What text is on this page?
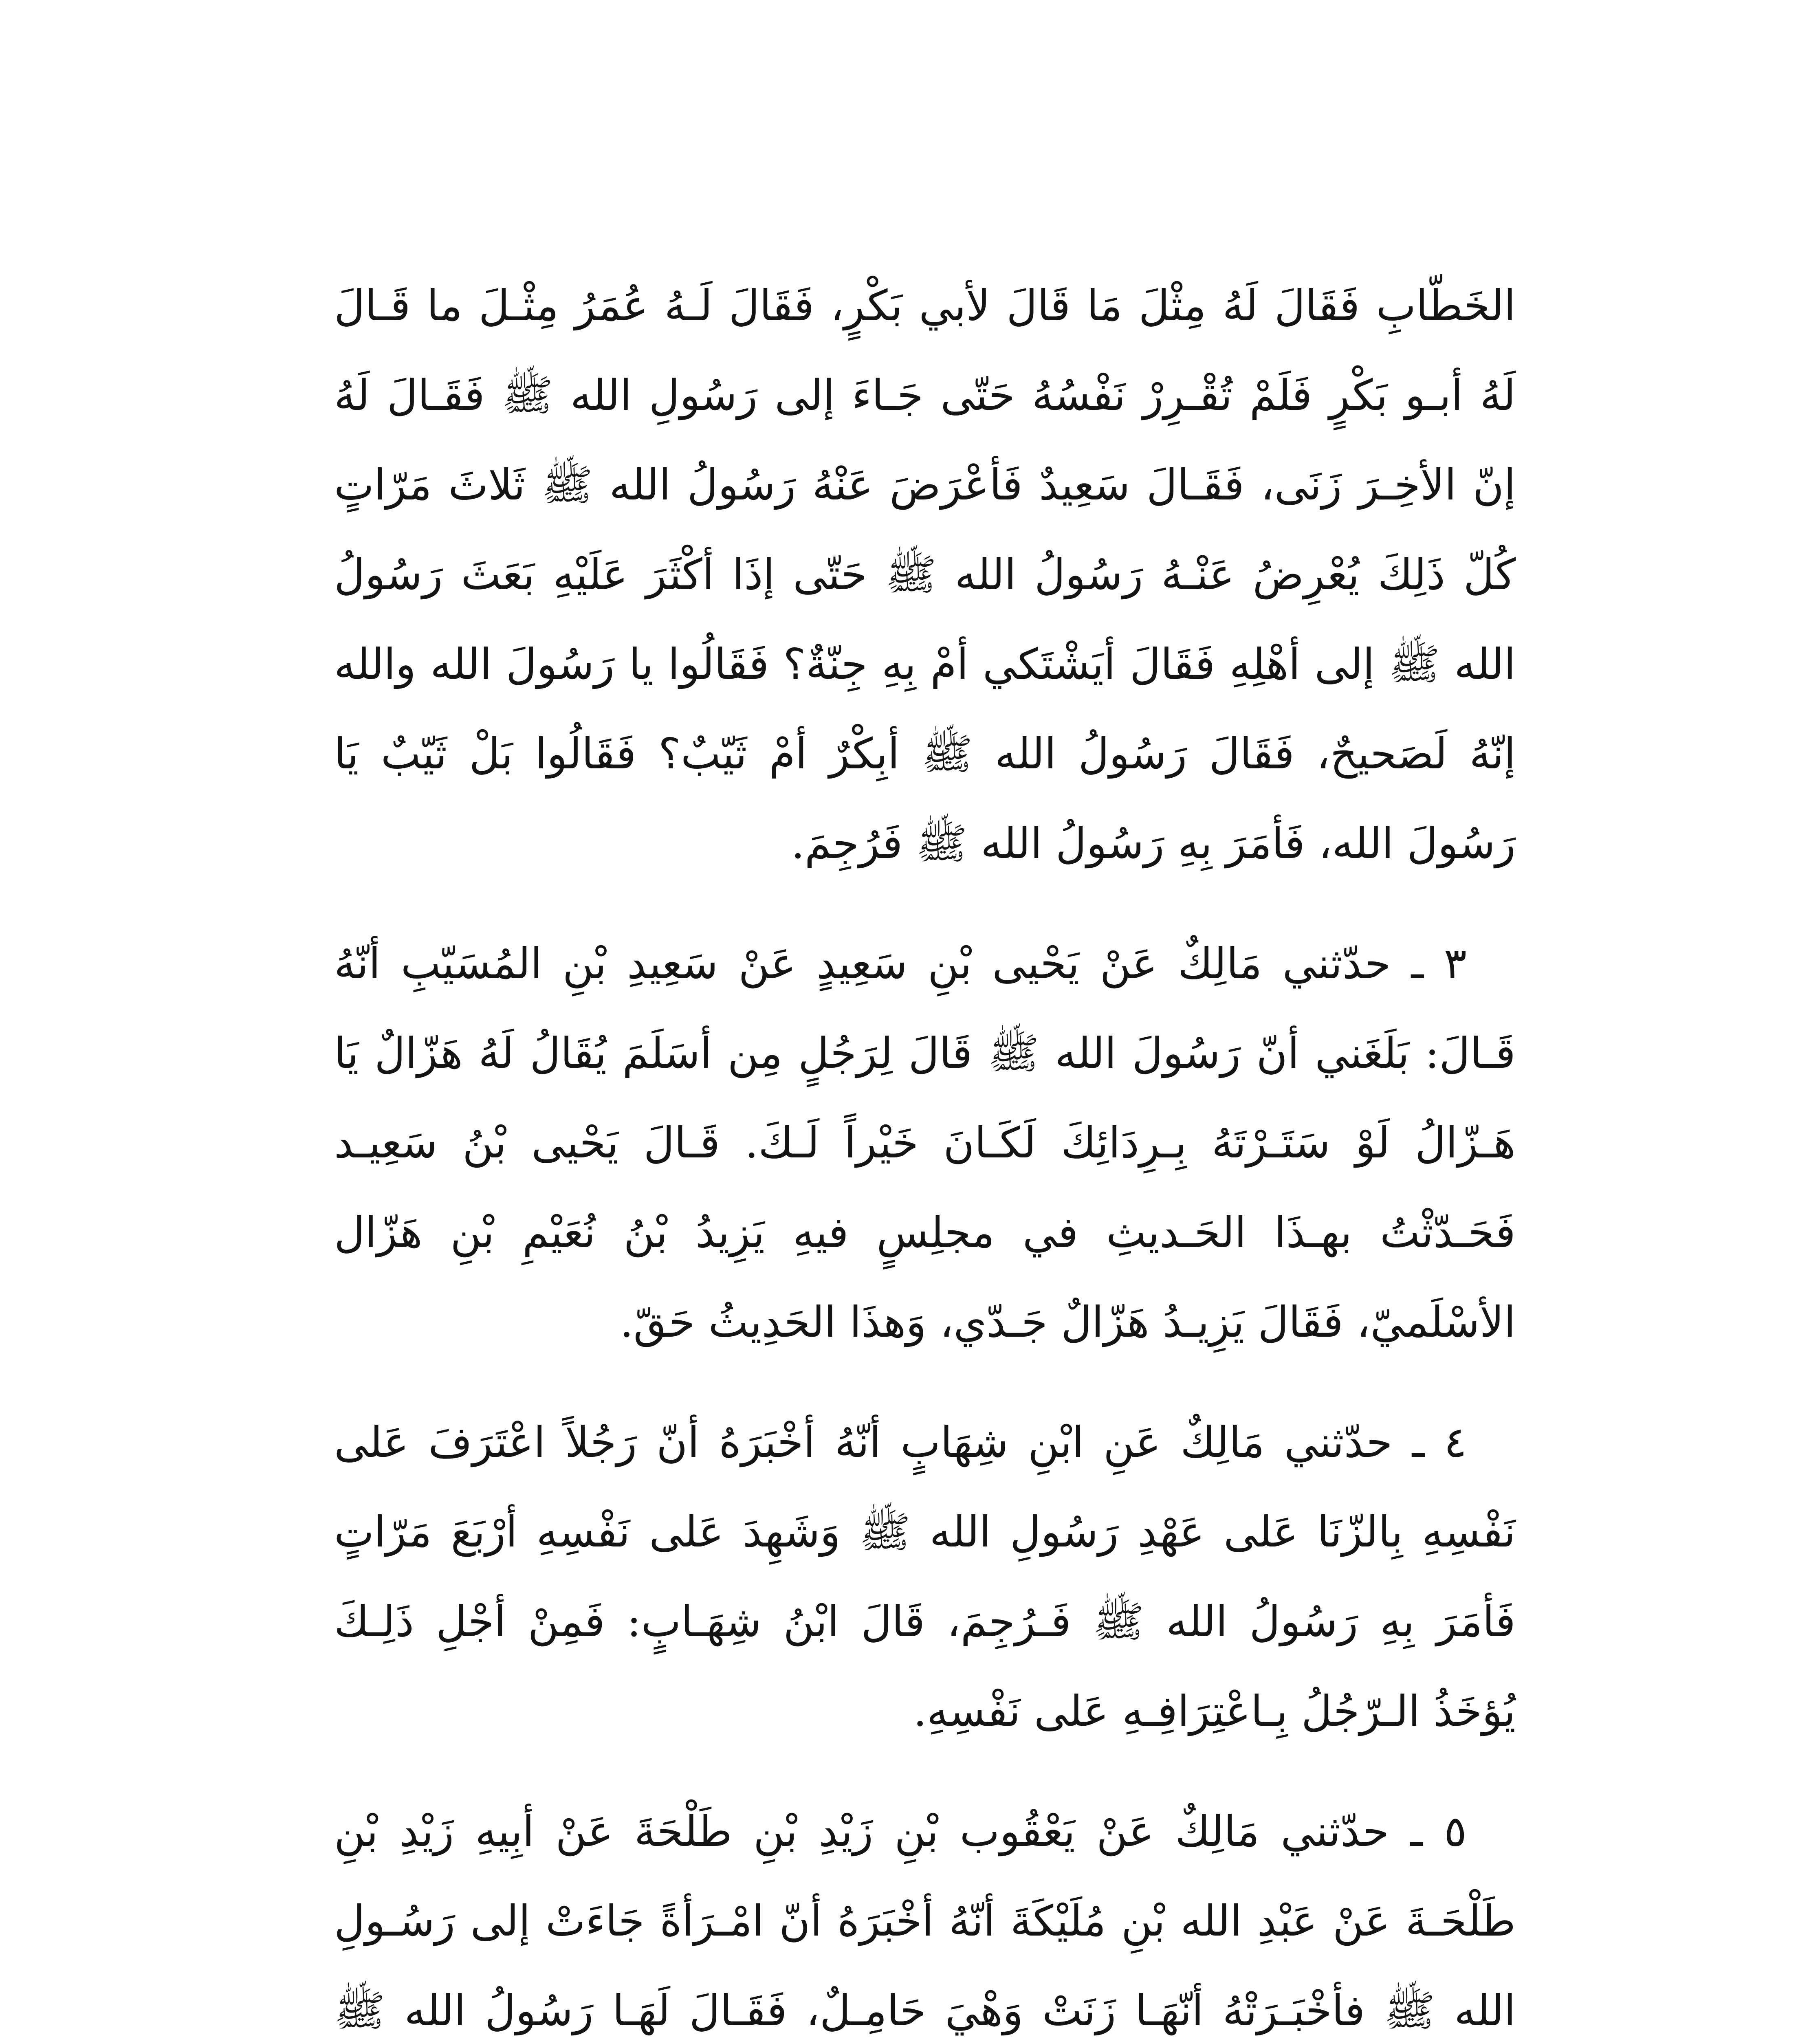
الخَطّابِ فَقَالَ لَهُ مِثْلَ مَا قَالَ لأبي بَكْرٍ، فَقَالَ لَـهُ عُمَرُ مِثْـلَ ما قَـالَ لَهُ أبـو بَكْرٍ فَلَمْ تُقْـرِرْ نَفْسُهُ حَتّى جَـاءَ إلى رَسُولِ الله ﷺ فَقَـالَ لَهُ إنّ الأخِـرَ زَنَى، فَقَـالَ سَعِيدٌ فَأعْرَضَ عَنْهُ رَسُولُ الله ﷺ ثَلاثَ مَرّاتٍ كُلّ ذَلِكَ يُعْرِضُ عَنْـهُ رَسُولُ الله ﷺ حَتّى إذَا أكْثَرَ عَلَيْهِ بَعَثَ رَسُولُ الله ﷺ إلى أهْلِهِ فَقَالَ أيَشْتَكي أمْ بِهِ جِنّةٌ؟ فَقَالُوا يا رَسُولَ الله والله إنّهُ لَصَحيحٌ، فَقَالَ رَسُولُ الله ﷺ أبِكْرٌ أمْ ثَيّبٌ؟ فَقَالُوا بَلْ ثَيّبٌ يَا رَسُولَ الله، فَأمَرَ بِهِ رَسُولُ الله ﷺ فَرُجِمَ.

٣ ـ حدّثني مَالِكٌ عَنْ يَحْيى بْنِ سَعِيدٍ عَنْ سَعِيدِ بْنِ المُسَيّبِ أنّهُ قَـالَ: بَلَغَني أنّ رَسُولَ الله ﷺ قَالَ لِرَجُلٍ مِن أسَلَمَ يُقَالُ لَهُ هَزّالٌ يَا هَـزّالُ لَوْ سَتَـرْتَهُ بِـرِدَائِكَ لَكَـانَ خَيْراً لَـكَ. قَـالَ يَحْيى بْنُ سَعِيـد فَحَـدّثْتُ بهـذَا الحَـديثِ في مجلِسٍ فيهِ يَزِيدُ بْنُ نُعَيْمِ بْنِ هَزّال الأسْلَميّ، فَقَالَ يَزِيـدُ هَزّالٌ جَـدّي، وَهذَا الحَدِيثُ حَقّ.

٤ ـ حدّثني مَالِكٌ عَنِ ابْنِ شِهَابٍ أنّهُ أخْبَرَهُ أنّ رَجُلاً اعْتَرَفَ عَلى نَفْسِهِ بِالزّنَا عَلى عَهْدِ رَسُولِ الله ﷺ وَشَهِدَ عَلى نَفْسِهِ أرْبَعَ مَرّاتٍ فَأمَرَ بِهِ رَسُولُ الله ﷺ فَـرُجِمَ، قَالَ ابْنُ شِهَـابٍ: فَمِنْ أجْلِ ذَلِـكَ يُؤخَذُ الـرّجُلُ بِـاعْتِرَافِـهِ عَلى نَفْسِهِ.

٥ ـ حدّثني مَالِكٌ عَنْ يَعْقُوب بْنِ زَيْدِ بْنِ طَلْحَةَ عَنْ أبِيهِ زَيْدِ بْنِ طَلْحَـةَ عَنْ عَبْدِ الله بْنِ مُلَيْكَةَ أنّهُ أخْبَرَهُ أنّ امْـرَأةً جَاءَتْ إلى رَسُـولِ الله ﷺ فأخْبَـرَتْهُ أنّهَـا زَنَتْ وَهْيَ حَامِـلٌ، فَقَـالَ لَهَـا رَسُولُ الله ﷺ
